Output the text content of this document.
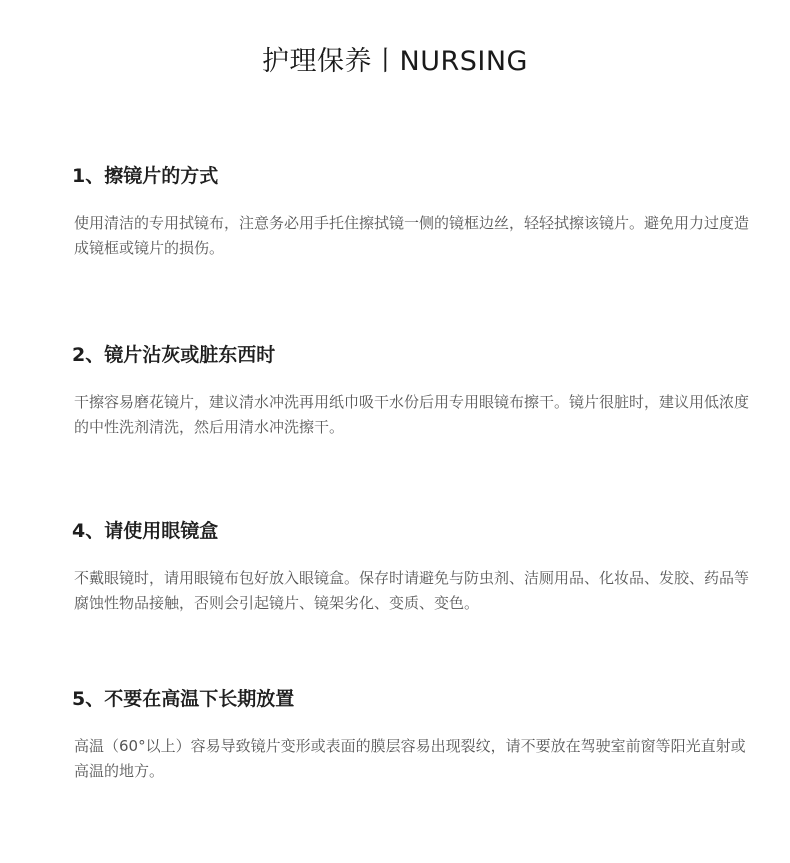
护理保养丨NURSING
1、擦镜片的方式

使用清洁的专用拭镜布，注意务必用手托住擦拭镜一侧的镜框边丝，轻轻拭擦该镜片。避免用力过度造成镜框或镜片的损伤。

2、镜片沾灰或脏东西时

干擦容易磨花镜片，建议清水冲洗再用纸巾吸干水份后用专用眼镜布擦干。镜片很脏时，建议用低浓度的中性洗剂清洗，然后用清水冲洗擦干。

4、请使用眼镜盒

不戴眼镜时，请用眼镜布包好放入眼镜盒。保存时请避免与防虫剂、洁厕用品、化妆品、发胶、药品等腐蚀性物品接触，否则会引起镜片、镜架劣化、变质、变色。

5、不要在高温下长期放置

高温（60°以上）容易导致镜片变形或表面的膜层容易出现裂纹，请不要放在驾驶室前窗等阳光直射或高温的地方。
